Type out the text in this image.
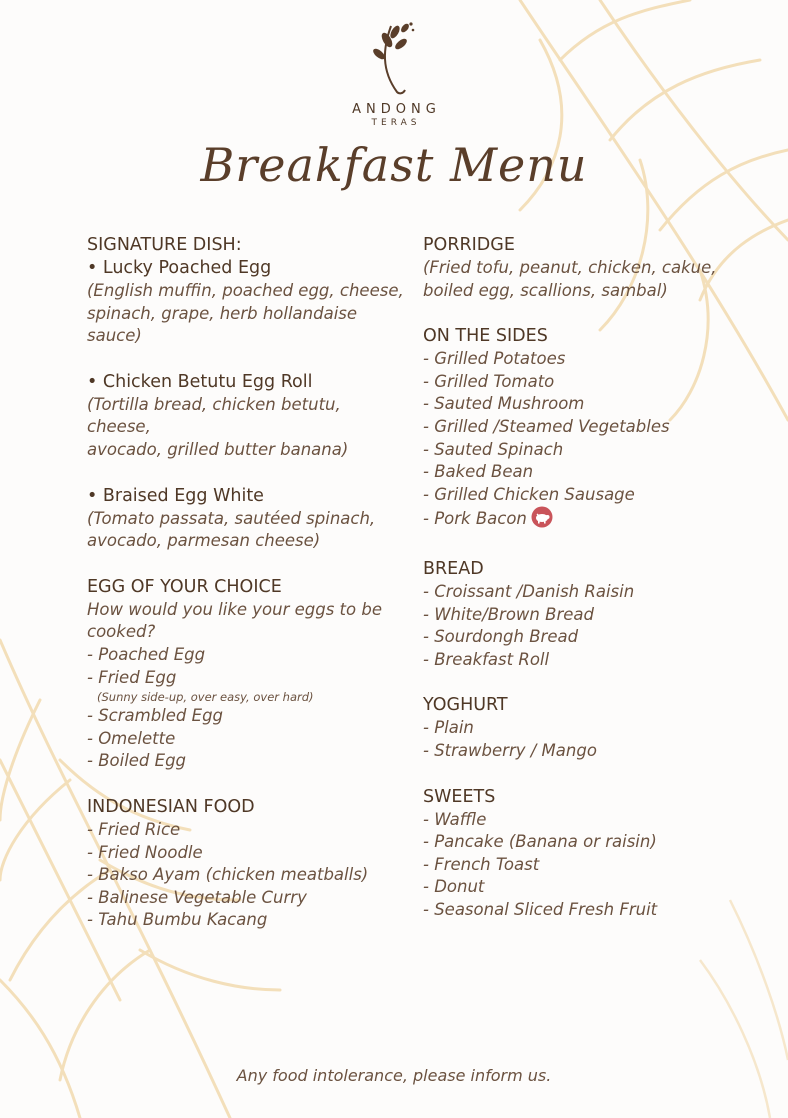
ANDONG
TERAS
Breakfast Menu
SIGNATURE DISH:
• Lucky Poached Egg
(English muffin, poached egg, cheese,
spinach, grape, herb hollandaise
sauce)
• Chicken Betutu Egg Roll
(Tortilla bread, chicken betutu, cheese,
avocado, grilled butter banana)
• Braised Egg White
(Tomato passata, sautéed spinach,
avocado, parmesan cheese)
EGG OF YOUR CHOICE
How would you like your eggs to be
cooked?
- Poached Egg
- Fried Egg
(Sunny side-up, over easy, over hard)
- Scrambled Egg
- Omelette
- Boiled Egg
INDONESIAN FOOD
- Fried Rice
- Fried Noodle
- Bakso Ayam (chicken meatballs)
- Balinese Vegetable Curry
- Tahu Bumbu Kacang
PORRIDGE
(Fried tofu, peanut, chicken, cakue,
boiled egg, scallions, sambal)
ON THE SIDES
- Grilled Potatoes
- Grilled Tomato
- Sauted Mushroom
- Grilled /Steamed Vegetables
- Sauted Spinach
- Baked Bean
- Grilled Chicken Sausage
- Pork Bacon
BREAD
- Croissant /Danish Raisin
- White/Brown Bread
- Sourdongh Bread
- Breakfast Roll
YOGHURT
- Plain
- Strawberry / Mango
SWEETS
- Waffle
- Pancake (Banana or raisin)
- French Toast
- Donut
- Seasonal Sliced Fresh Fruit
Any food intolerance, please inform us.
